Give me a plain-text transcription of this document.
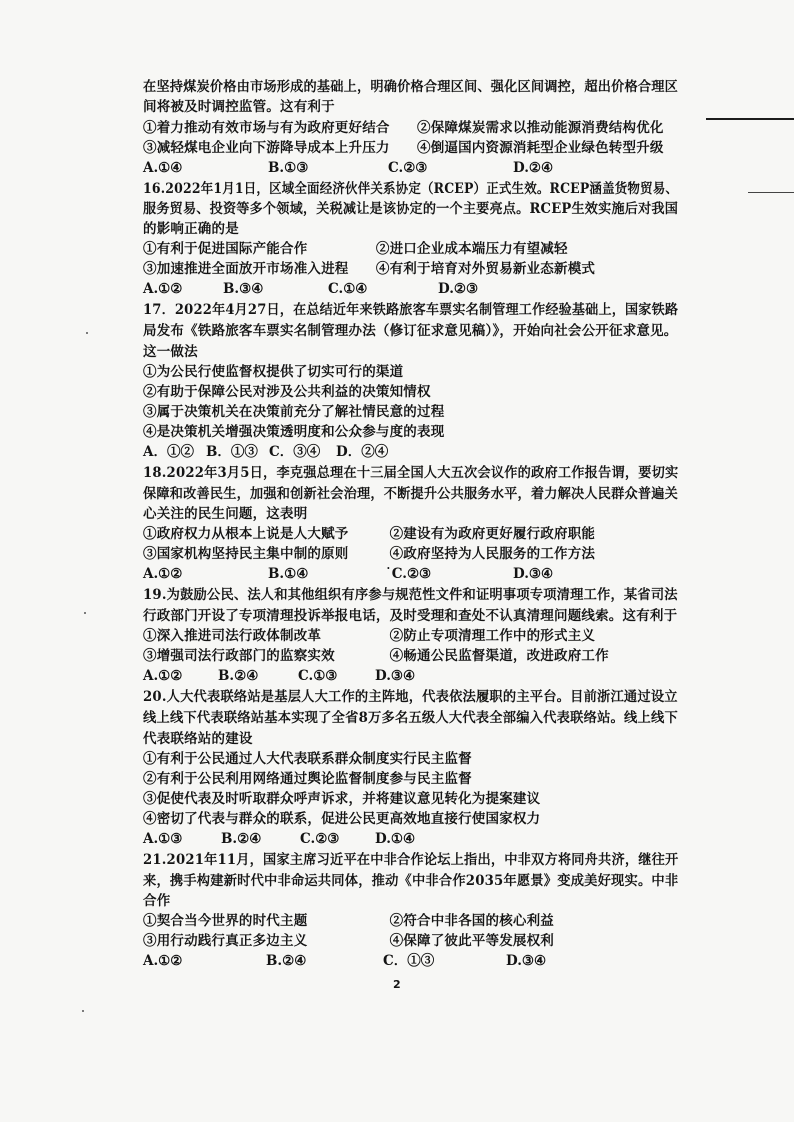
在坚持煤炭价格由市场形成的基础上，明确价格合理区间、强化区间调控，超出价格合理区
间将被及时调控监管。这有利于
①着力推动有效市场与有为政府更好结合　　②保障煤炭需求以推动能源消费结构优化
③减轻煤电企业向下游降导成本上升压力　　④倒逼国内资源消耗型企业绿色转型升级
A.①④	B.①③	C.②③	D.②④
16.2022年1月1日，区域全面经济伙伴关系协定（RCEP）正式生效。RCEP涵盖货物贸易、
服务贸易、投资等多个领域，关税减让是该协定的一个主要亮点。RCEP生效实施后对我国
的影响正确的是
①有利于促进国际产能合作　　　　　②进口企业成本端压力有望减轻
③加速推进全面放开市场准入进程　　④有利于培育对外贸易新业态新模式
A.①②	B.③④	C.①④	D.②③
17．2022年4月27日，在总结近年来铁路旅客车票实名制管理工作经验基础上，国家铁路
局发布《铁路旅客车票实名制管理办法（修订征求意见稿）》，开始向社会公开征求意见。
这一做法
①为公民行使监督权提供了切实可行的渠道
②有助于保障公民对涉及公共利益的决策知情权
③属于决策机关在决策前充分了解社情民意的过程
④是决策机关增强决策透明度和公众参与度的表现
A．①② B．①③ C．③④ D．②④
18.2022年3月5日，李克强总理在十三届全国人大五次会议作的政府工作报告谓，要切实
保障和改善民生，加强和创新社会治理，不断提升公共服务水平，着力解决人民群众普遍关
心关注的民生问题，这表明
①政府权力从根本上说是人大赋予　　　②建设有为政府更好履行政府职能
③国家机构坚持民主集中制的原则　　　④政府坚持为人民服务的工作方法
A.①②	B.①④	˙C.②③	D.③④
19.为鼓励公民、法人和其他组织有序参与规范性文件和证明事项专项清理工作，某省司法
行政部门开设了专项清理投诉举报电话，及时受理和查处不认真清理问题线索。这有利于
①深入推进司法行政体制改革　　　　　②防止专项清理工作中的形式主义
③增强司法行政部门的监察实效　　　　④畅通公民监督渠道，改进政府工作
A.①②	B.②④	C.①③	D.③④
20.人大代表联络站是基层人大工作的主阵地，代表依法履职的主平台。目前浙江通过设立
线上线下代表联络站基本实现了全省8万多名五级人大代表全部编入代表联络站。线上线下
代表联络站的建设
①有利于公民通过人大代表联系群众制度实行民主监督
②有利于公民利用网络通过舆论监督制度参与民主监督
③促使代表及时听取群众呼声诉求，并将建议意见转化为提案建议
④密切了代表与群众的联系，促进公民更高效地直接行使国家权力
A.①③	B.②④	C.②③	D.①④
21.2021年11月，国家主席习近平在中非合作论坛上指出，中非双方将同舟共济，继往开
来，携手构建新时代中非命运共同体，推动《中非合作2035年愿景》变成美好现实。中非
合作
①契合当今世界的时代主题　　　　　　②符合中非各国的核心利益
③用行动践行真正多边主义　　　　　　④保障了彼此平等发展权利
A.①②	B.②④	C．①③	D.③④
2
